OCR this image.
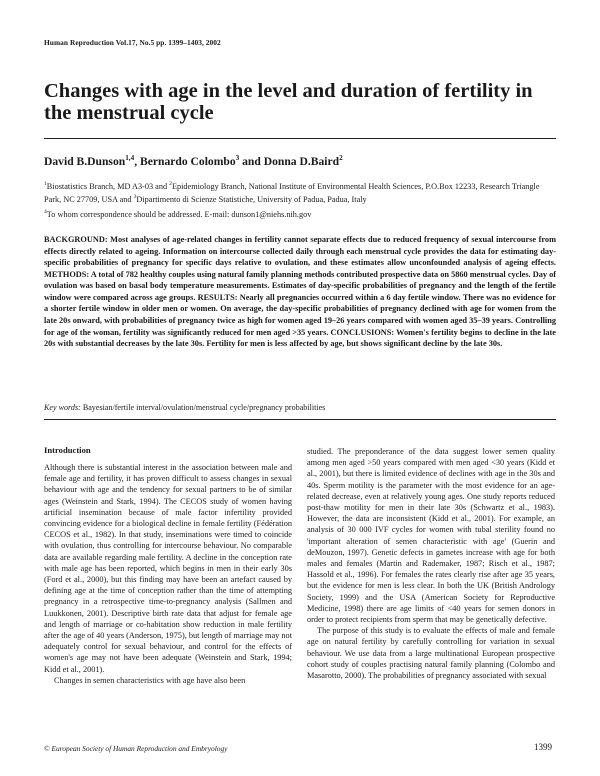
Human Reproduction Vol.17, No.5 pp. 1399–1403, 2002
Changes with age in the level and duration of fertility in the menstrual cycle
David B.Dunson$^{1,4}$, Bernardo Colombo$^3$ and Donna D.Baird$^2$
$^1$Biostatistics Branch, MD A3-03 and $^2$Epidemiology Branch, National Institute of Environmental Health Sciences, P.O.Box 12233, Research Triangle Park, NC 27709, USA and $^3$Dipartimento di Scienze Statistiche, University of Padua, Padua, Italy
$^4$To whom correspondence should be addressed. E-mail: dunson1@niehs.nih.gov

BACKGROUND: Most analyses of age-related changes in fertility cannot separate effects due to reduced frequency of sexual intercourse from effects directly related to ageing. Information on intercourse collected daily through each menstrual cycle provides the data for estimating day-specific probabilities of pregnancy for specific days relative to ovulation, and these estimates allow unconfounded analysis of ageing effects. METHODS: A total of 782 healthy couples using natural family planning methods contributed prospective data on 5860 menstrual cycles. Day of ovulation was based on basal body temperature measurements. Estimates of day-specific probabilities of pregnancy and the length of the fertile window were compared across age groups. RESULTS: Nearly all pregnancies occurred within a 6 day fertile window. There was no evidence for a shorter fertile window in older men or women. On average, the day-specific probabilities of pregnancy declined with age for women from the late 20s onward, with probabilities of pregnancy twice as high for women aged 19–26 years compared with women aged 35–39 years. Controlling for age of the woman, fertility was significantly reduced for men aged >35 years. CONCLUSIONS: Women's fertility begins to decline in the late 20s with substantial decreases by the late 30s. Fertility for men is less affected by age, but shows significant decline by the late 30s.

Key words: Bayesian/fertile interval/ovulation/menstrual cycle/pregnancy probabilities
Introduction

Although there is substantial interest in the association between male and female age and fertility, it has proven difficult to assess changes in sexual behaviour with age and the tendency for sexual partners to be of similar ages (Weinstein and Stark, 1994). The CECOS study of women having artificial insemination because of male factor infertility provided convincing evidence for a biological decline in female fertility (Fédération CECOS et al., 1982). In that study, inseminations were timed to coincide with ovulation, thus controlling for intercourse behaviour. No comparable data are available regarding male fertility. A decline in the conception rate with male age has been reported, which begins in men in their early 30s (Ford et al., 2000), but this finding may have been an artefact caused by defining age at the time of conception rather than the time of attempting pregnancy in a retrospective time-to-pregnancy analysis (Sallmen and Luukkonen, 2001). Descriptive birth rate data that adjust for female age and length of marriage or co-habitation show reduction in male fertility after the age of 40 years (Anderson, 1975), but length of marriage may not adequately control for sexual behaviour, and control for the effects of women's age may not have been adequate (Weinstein and Stark, 1994; Kidd et al., 2001).

Changes in semen characteristics with age have also been

studied. The preponderance of the data suggest lower semen quality among men aged >50 years compared with men aged <30 years (Kidd et al., 2001), but there is limited evidence of declines with age in the 30s and 40s. Sperm motility is the parameter with the most evidence for an age-related decrease, even at relatively young ages. One study reports reduced post-thaw motility for men in their late 30s (Schwartz et al., 1983). However, the data are inconsistent (Kidd et al., 2001). For example, an analysis of 30 000 IVF cycles for women with tubal sterility found no 'important alteration of semen characteristic with age' (Guerin and deMouzon, 1997). Genetic defects in gametes increase with age for both males and females (Martin and Rademaker, 1987; Risch et al., 1987; Hassold et al., 1996). For females the rates clearly rise after age 35 years, but the evidence for men is less clear. In both the UK (British Andrology Society, 1999) and the USA (American Society for Reproductive Medicine, 1998) there are age limits of <40 years for semen donors in order to protect recipients from sperm that may be genetically defective.

The purpose of this study is to evaluate the effects of male and female age on natural fertility by carefully controlling for variation in sexual behaviour. We use data from a large multinational European prospective cohort study of couples practising natural family planning (Colombo and Masarotto, 2000). The probabilities of pregnancy associated with sexual

© European Society of Human Reproduction and Embryology	1399
